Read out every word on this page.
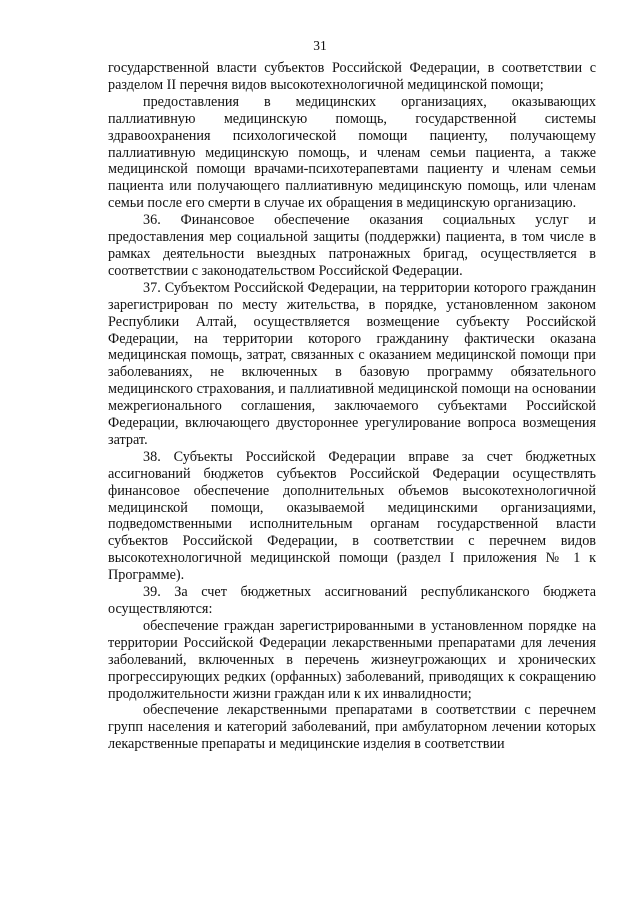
31

государственной власти субъектов Российской Федерации, в соответствии с разделом II перечня видов высокотехнологичной медицинской помощи;

предоставления в медицинских организациях, оказывающих паллиативную медицинскую помощь, государственной системы здравоохранения психологической помощи пациенту, получающему паллиативную медицинскую помощь, и членам семьи пациента, а также медицинской помощи врачами-психотерапевтами пациенту и членам семьи пациента или получающего паллиативную медицинскую помощь, или членам семьи после его смерти в случае их обращения в медицинскую организацию.

36. Финансовое обеспечение оказания социальных услуг и предоставления мер социальной защиты (поддержки) пациента, в том числе в рамках деятельности выездных патронажных бригад, осуществляется в соответствии с законодательством Российской Федерации.

37. Субъектом Российской Федерации, на территории которого гражданин зарегистрирован по месту жительства, в порядке, установленном законом Республики Алтай, осуществляется возмещение субъекту Российской Федерации, на территории которого гражданину фактически оказана медицинская помощь, затрат, связанных с оказанием медицинской помощи при заболеваниях, не включенных в базовую программу обязательного медицинского страхования, и паллиативной медицинской помощи на основании межрегионального соглашения, заключаемого субъектами Российской Федерации, включающего двустороннее урегулирование вопроса возмещения затрат.

38. Субъекты Российской Федерации вправе за счет бюджетных ассигнований бюджетов субъектов Российской Федерации осуществлять финансовое обеспечение дополнительных объемов высокотехнологичной медицинской помощи, оказываемой медицинскими организациями, подведомственными исполнительным органам государственной власти субъектов Российской Федерации, в соответствии с перечнем видов высокотехнологичной медицинской помощи (раздел I приложения № 1 к Программе).

39. За счет бюджетных ассигнований республиканского бюджета осуществляются:

обеспечение граждан зарегистрированными в установленном порядке на территории Российской Федерации лекарственными препаратами для лечения заболеваний, включенных в перечень жизнеугрожающих и хронических прогрессирующих редких (орфанных) заболеваний, приводящих к сокращению продолжительности жизни граждан или к их инвалидности;

обеспечение лекарственными препаратами в соответствии с перечнем групп населения и категорий заболеваний, при амбулаторном лечении которых лекарственные препараты и медицинские изделия в соответствии
